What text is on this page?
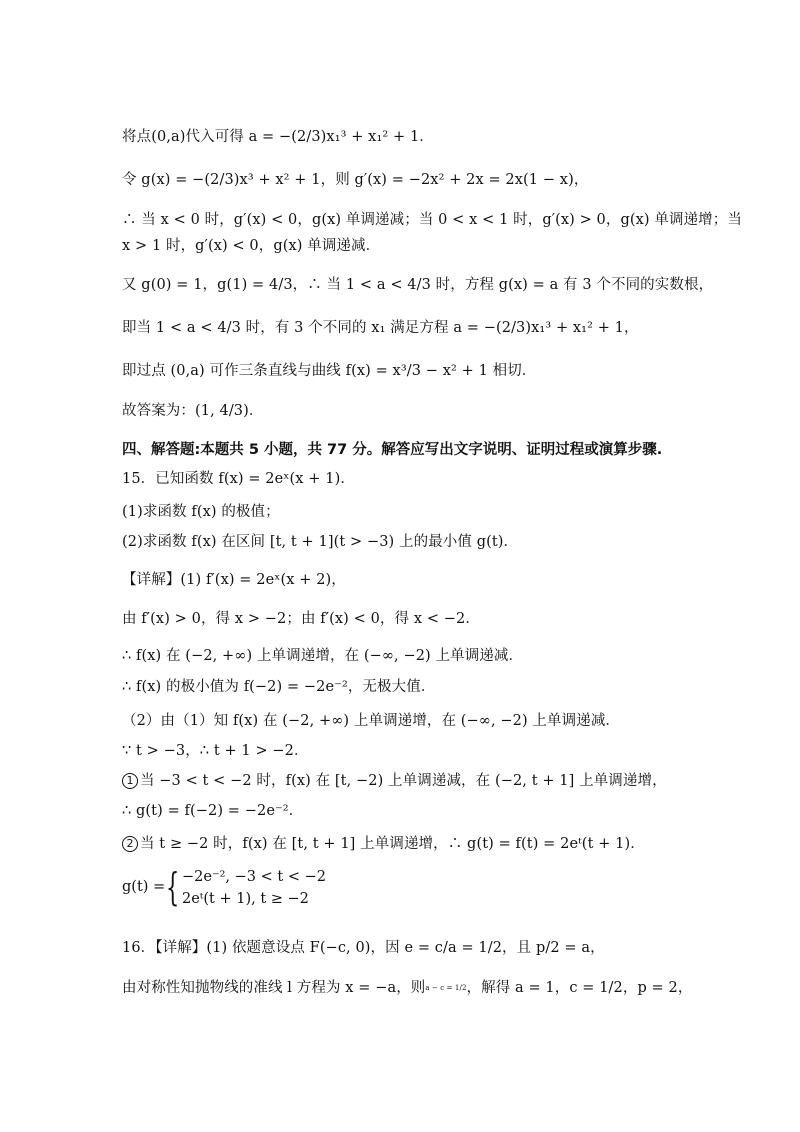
将点(0,a)代入可得 a = −(2/3)x₁³ + x₁² + 1．
令 g(x) = −(2/3)x³ + x² + 1，则 g′(x) = −2x² + 2x = 2x(1 − x)，
∴ 当 x < 0 时，g′(x) < 0，g(x) 单调递减；当 0 < x < 1 时，g′(x) > 0，g(x) 单调递增；当
x > 1 时，g′(x) < 0，g(x) 单调递减．
又 g(0) = 1，g(1) = 4/3，∴ 当 1 < a < 4/3 时，方程 g(x) = a 有 3 个不同的实数根，
即当 1 < a < 4/3 时，有 3 个不同的 x₁ 满足方程 a = −(2/3)x₁³ + x₁² + 1，
即过点 (0,a) 可作三条直线与曲线 f(x) = x³/3 − x² + 1 相切．
故答案为：(1, 4/3)．
四、解答题:本题共 5 小题，共 77 分。解答应写出文字说明、证明过程或演算步骤.
15．已知函数 f(x) = 2eˣ(x + 1)．
(1)求函数 f(x) 的极值；
(2)求函数 f(x) 在区间 [t, t + 1](t > −3) 上的最小值 g(t)．
【详解】(1) f′(x) = 2eˣ(x + 2)，
由 f′(x) > 0，得 x > −2；由 f′(x) < 0，得 x < −2．
∴ f(x) 在 (−2, +∞) 上单调递增，在 (−∞, −2) 上单调递减．
∴ f(x) 的极小值为 f(−2) = −2e⁻²，无极大值．
（2）由（1）知 f(x) 在 (−2, +∞) 上单调递增，在 (−∞, −2) 上单调递减．
∵ t > −3，∴ t + 1 > −2．
1 当 −3 < t < −2 时，f(x) 在 [t, −2) 上单调递减，在 (−2, t + 1] 上单调递增，
∴ g(t) = f(−2) = −2e⁻²．
2 当 t ≥ −2 时，f(x) 在 [t, t + 1] 上单调递增，∴ g(t) = f(t) = 2eᵗ(t + 1)．
g(t) = { −2e⁻², −3 < t < −2
2eᵗ(t + 1), t ≥ −2
16．【详解】(1) 依题意设点 F(−c, 0)，因 e = c/a = 1/2，且 p/2 = a，
由对称性知抛物线的准线 l 方程为 x = −a，则a − c = 1/2，解得 a = 1，c = 1/2，p = 2，
